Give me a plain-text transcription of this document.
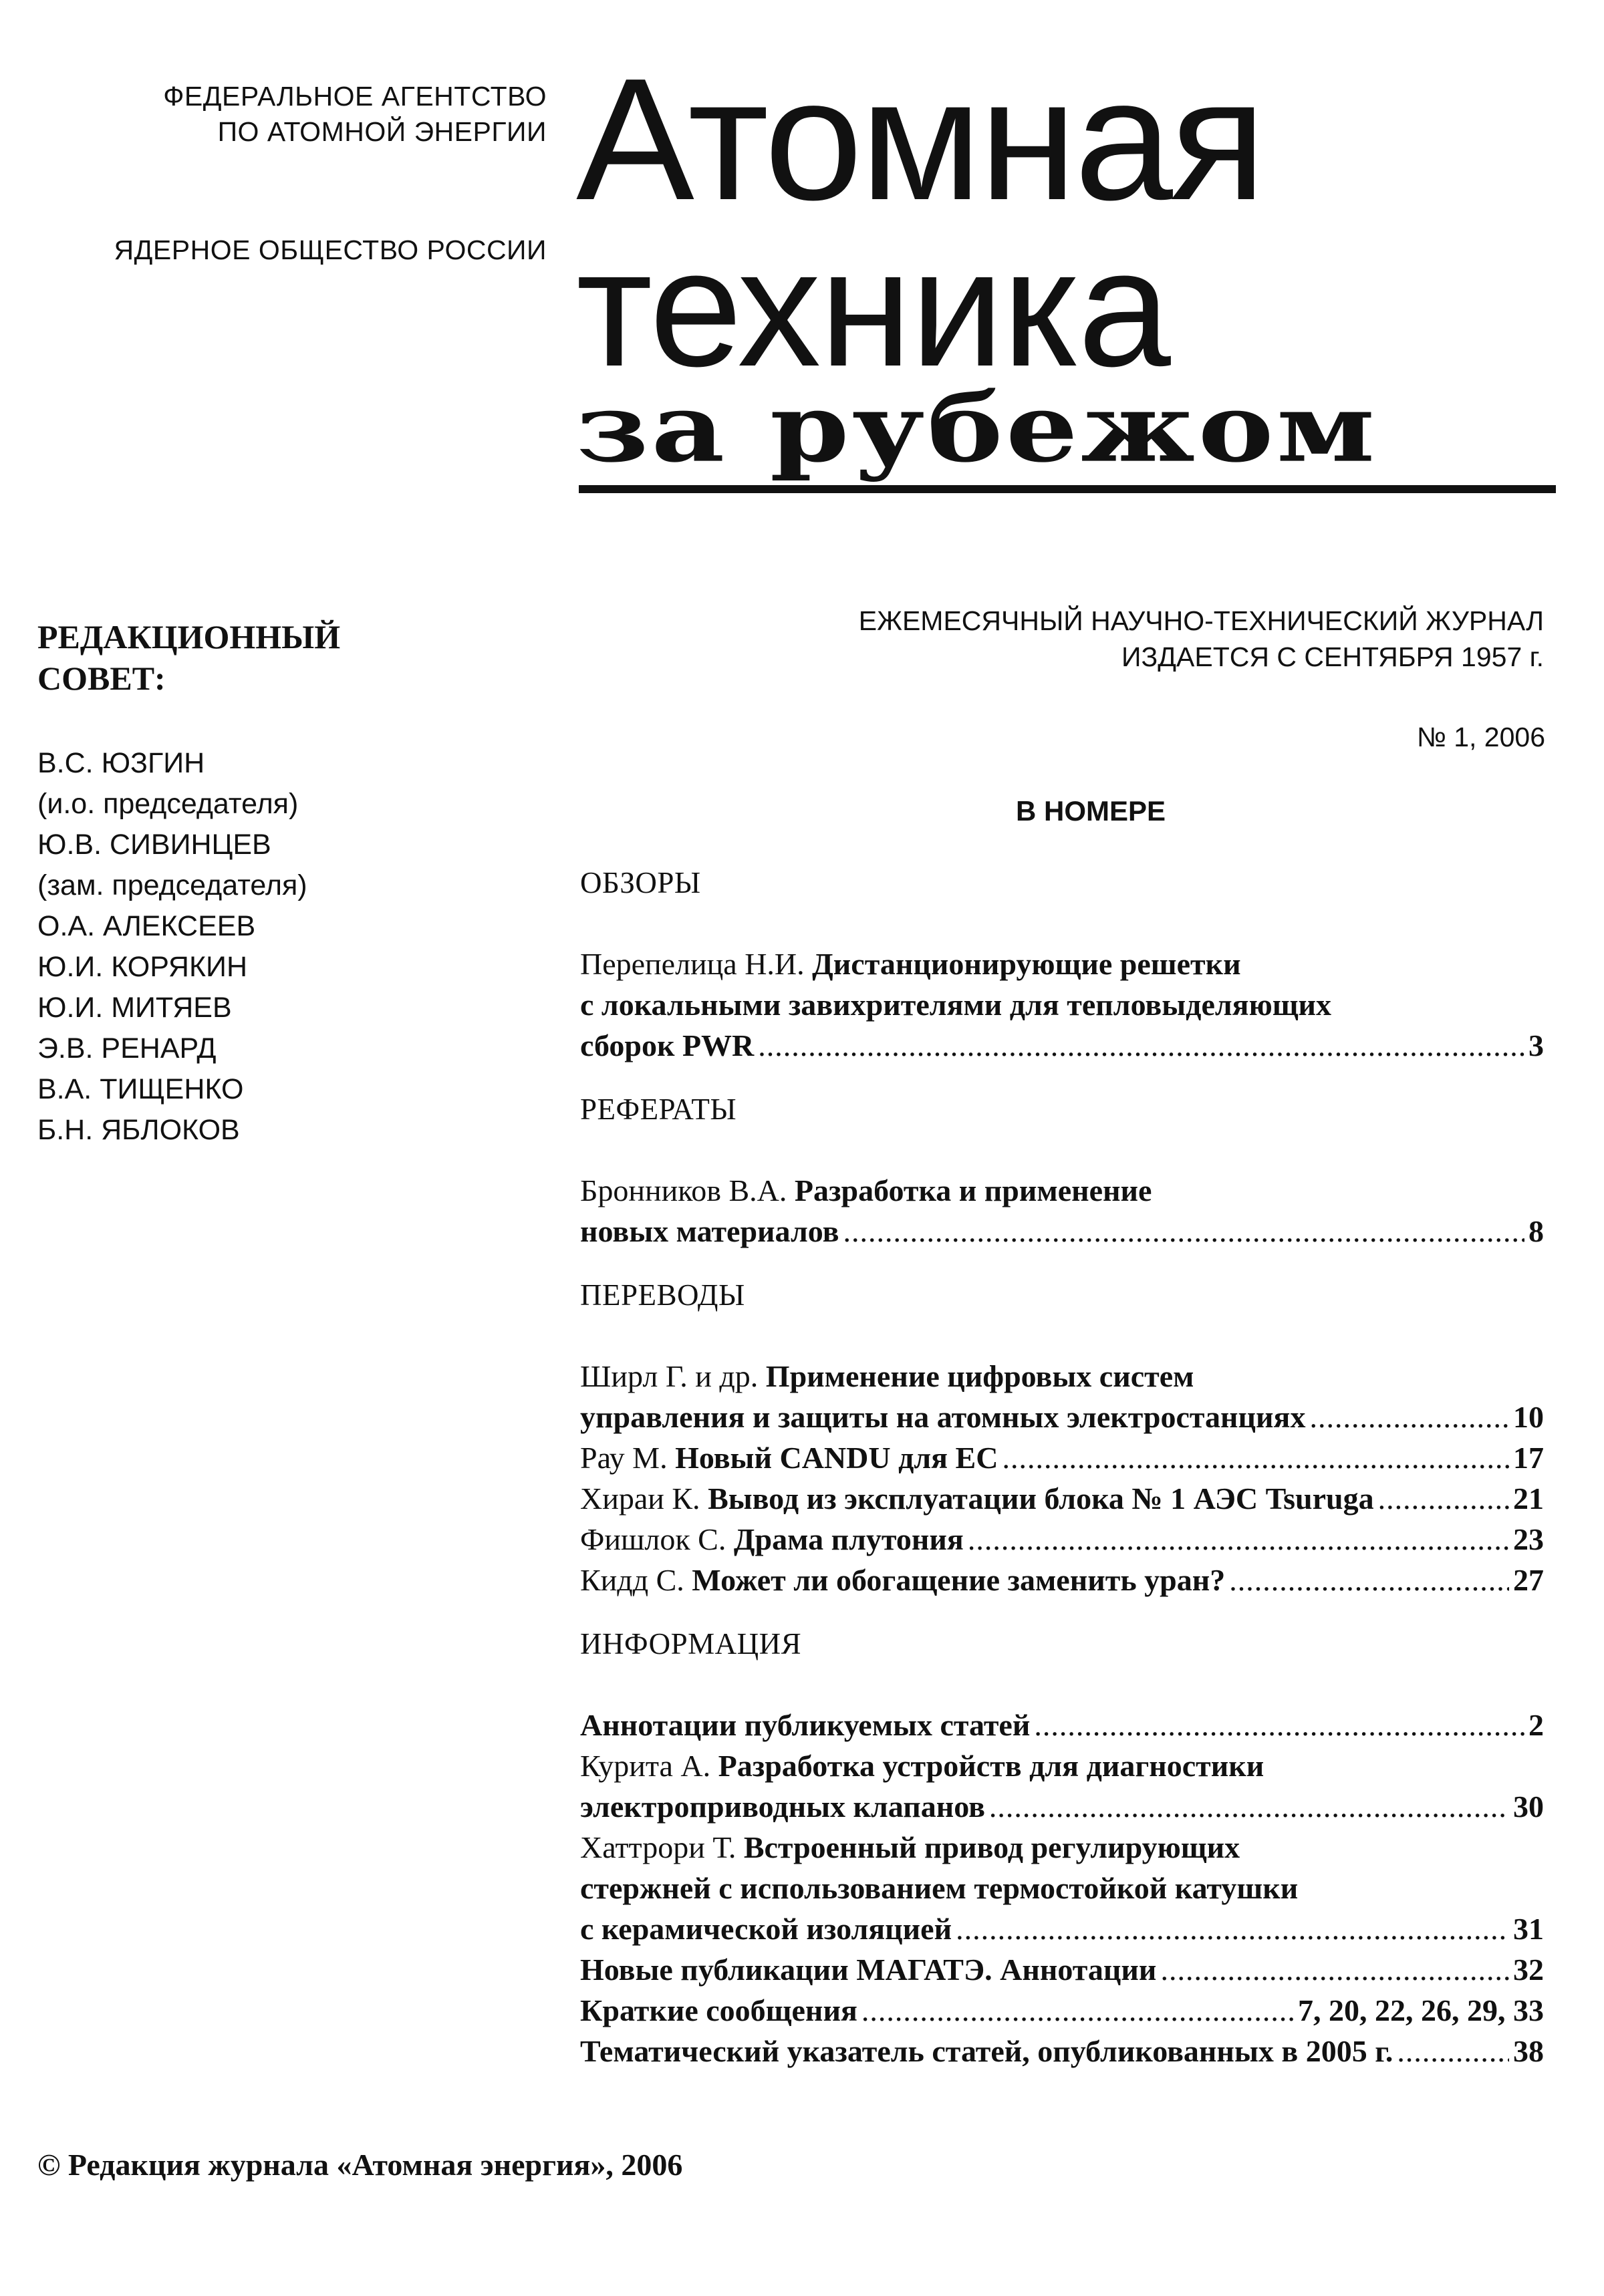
ФЕДЕРАЛЬНОЕ АГЕНТСТВО
ПО АТОМНОЙ ЭНЕРГИИ
ЯДЕРНОЕ ОБЩЕСТВО РОССИИ
Атомная
техника
за рубежом
РЕДАКЦИОННЫЙ СОВЕТ:
В.С. ЮЗГИН
(и.о. председателя)
Ю.В. СИВИНЦЕВ
(зам. председателя)
О.А. АЛЕКСЕЕВ
Ю.И. КОРЯКИН
Ю.И. МИТЯЕВ
Э.В. РЕНАРД
В.А. ТИЩЕНКО
Б.Н. ЯБЛОКОВ
ЕЖЕМЕСЯЧНЫЙ НАУЧНО-ТЕХНИЧЕСКИЙ ЖУРНАЛ
ИЗДАЕТСЯ С СЕНТЯБРЯ 1957 г.
№ 1, 2006
В НОМЕРЕ
ОБЗОРЫ
Перепелица Н.И. Дистанционирующие решетки
с локальными завихрителями для тепловыделяющих
сборок PWR .....	3
РЕФЕРАТЫ
Бронников В.А. Разработка и применение
новых материалов .....	8
ПЕРЕВОДЫ
Ширл Г. и др. Применение цифровых систем
управления и защиты на атомных электростанциях .....	10
Рау М. Новый CANDU для ЕС .....	17
Хираи К. Вывод из эксплуатации блока № 1 АЭС Tsuruga .....	21
Фишлок С. Драма плутония .....	23
Кидд С. Может ли обогащение заменить уран? .....	27
ИНФОРМАЦИЯ
Аннотации публикуемых статей .....	2
Курита А. Разработка устройств для диагностики
электроприводных клапанов .....	30
Хаттрори Т. Встроенный привод регулирующих
стержней с использованием термостойкой катушки
с керамической изоляцией .....	31
Новые публикации МАГАТЭ. Аннотации .....	32
Краткие сообщения .....	7, 20, 22, 26, 29, 33
Тематический указатель статей, опубликованных в 2005 г. .....	38
© Редакция журнала «Атомная энергия», 2006
